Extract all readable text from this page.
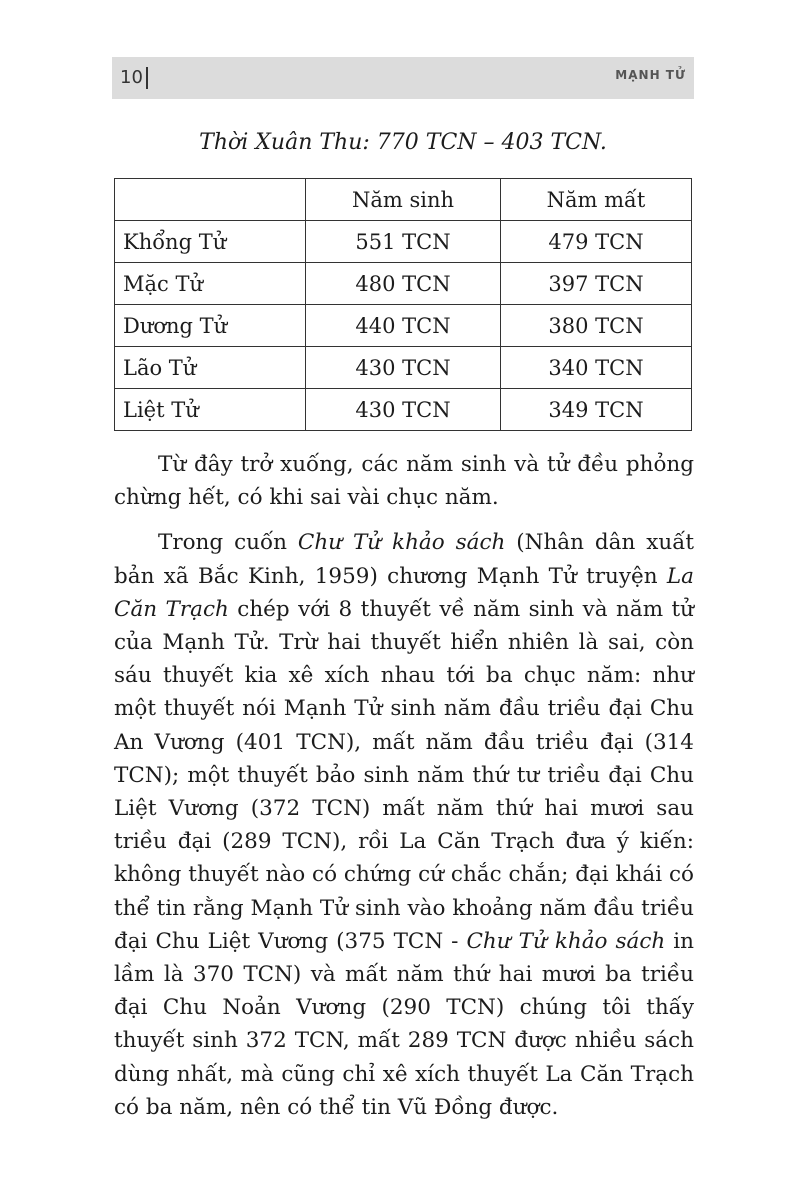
10	MẠNH TỬ
Thời Xuân Thu: 770 TCN – 403 TCN.
	Năm sinh	Năm mất
Khổng Tử	551 TCN	479 TCN
Mặc Tử	480 TCN	397 TCN
Dương Tử	440 TCN	380 TCN
Lão Tử	430 TCN	340 TCN
Liệt Tử	430 TCN	349 TCN

Từ đây trở xuống, các năm sinh và tử đều phỏng chừng hết, có khi sai vài chục năm.

Trong cuốn Chư Tử khảo sách (Nhân dân xuất bản xã Bắc Kinh, 1959) chương Mạnh Tử truyện La Căn Trạch chép với 8 thuyết về năm sinh và năm tử của Mạnh Tử. Trừ hai thuyết hiển nhiên là sai, còn sáu thuyết kia xê xích nhau tới ba chục năm: như một thuyết nói Mạnh Tử sinh năm đầu triều đại Chu An Vương (401 TCN), mất năm đầu triều đại (314 TCN); một thuyết bảo sinh năm thứ tư triều đại Chu Liệt Vương (372 TCN) mất năm thứ hai mươi sau triều đại (289 TCN), rồi La Căn Trạch đưa ý kiến: không thuyết nào có chứng cứ chắc chắn; đại khái có thể tin rằng Mạnh Tử sinh vào khoảng năm đầu triều đại Chu Liệt Vương (375 TCN - Chư Tử khảo sách in lầm là 370 TCN) và mất năm thứ hai mươi ba triều đại Chu Noản Vương (290 TCN) chúng tôi thấy thuyết sinh 372 TCN, mất 289 TCN được nhiều sách dùng nhất, mà cũng chỉ xê xích thuyết La Căn Trạch có ba năm, nên có thể tin Vũ Đồng được.
